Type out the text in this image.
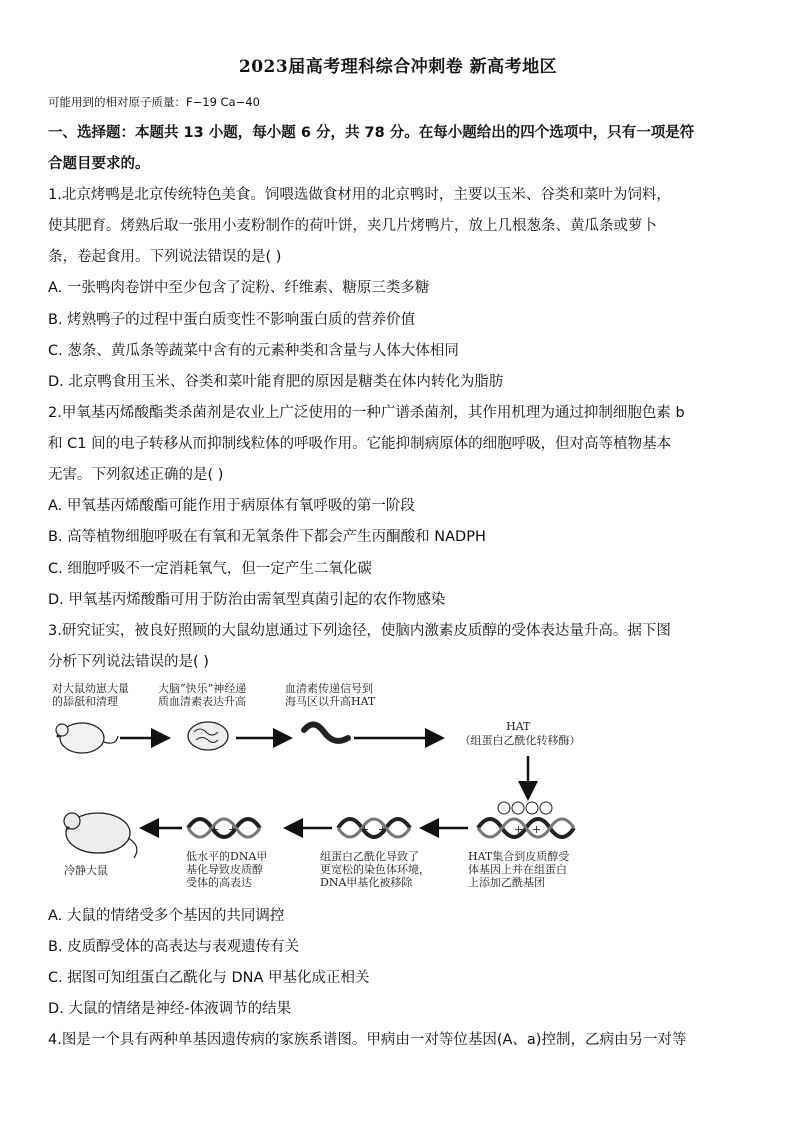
2023届高考理科综合冲刺卷 新高考地区
可能用到的相对原子质量：F−19 Ca−40
一、选择题：本题共 13 小题，每小题 6 分，共 78 分。在每小题给出的四个选项中，只有一项是符
合题目要求的。
1.北京烤鸭是北京传统特色美食。饲喂选做食材用的北京鸭时，主要以玉米、谷类和菜叶为饲料，
使其肥育。烤熟后取一张用小麦粉制作的荷叶饼，夹几片烤鸭片，放上几根葱条、黄瓜条或萝卜
条，卷起食用。下列说法错误的是( )
A. 一张鸭肉卷饼中至少包含了淀粉、纤维素、糖原三类多糖
B. 烤熟鸭子的过程中蛋白质变性不影响蛋白质的营养价值
C. 葱条、黄瓜条等蔬菜中含有的元素种类和含量与人体大体相同
D. 北京鸭食用玉米、谷类和菜叶能育肥的原因是糖类在体内转化为脂肪
2.甲氧基丙烯酸酯类杀菌剂是农业上广泛使用的一种广谱杀菌剂，其作用机理为通过抑制细胞色素 b
和 C1 间的电子转移从而抑制线粒体的呼吸作用。它能抑制病原体的细胞呼吸，但对高等植物基本
无害。下列叙述正确的是( )
A. 甲氧基丙烯酸酯可能作用于病原体有氧呼吸的第一阶段
B. 高等植物细胞呼吸在有氧和无氧条件下都会产生丙酮酸和 NADPH
C. 细胞呼吸不一定消耗氧气，但一定产生二氧化碳
D. 甲氧基丙烯酸酯可用于防治由需氧型真菌引起的农作物感染
3.研究证实，被良好照顾的大鼠幼崽通过下列途径，使脑内激素皮质醇的受体表达量升高。据下图
分析下列说法错误的是( )
对大鼠幼崽大量 的舔舐和清理
大脑“快乐”神经递 质血清素表达升高
血清素传递信号到 海马区以升高HAT
HAT （组蛋白乙酰化转移酶）
+ +
+ +
+ +
冷静大鼠
低水平的DNA甲 基化导致皮质醇 受体的高表达
组蛋白乙酰化导致了 更宽松的染色体环境， DNA甲基化被移除
HAT集合到皮质醇受 体基因上并在组蛋白 上添加乙酰基团
A. 大鼠的情绪受多个基因的共同调控
B. 皮质醇受体的高表达与表观遗传有关
C. 据图可知组蛋白乙酰化与 DNA 甲基化成正相关
D. 大鼠的情绪是神经-体液调节的结果
4.图是一个具有两种单基因遗传病的家族系谱图。甲病由一对等位基因(A、a)控制，乙病由另一对等
